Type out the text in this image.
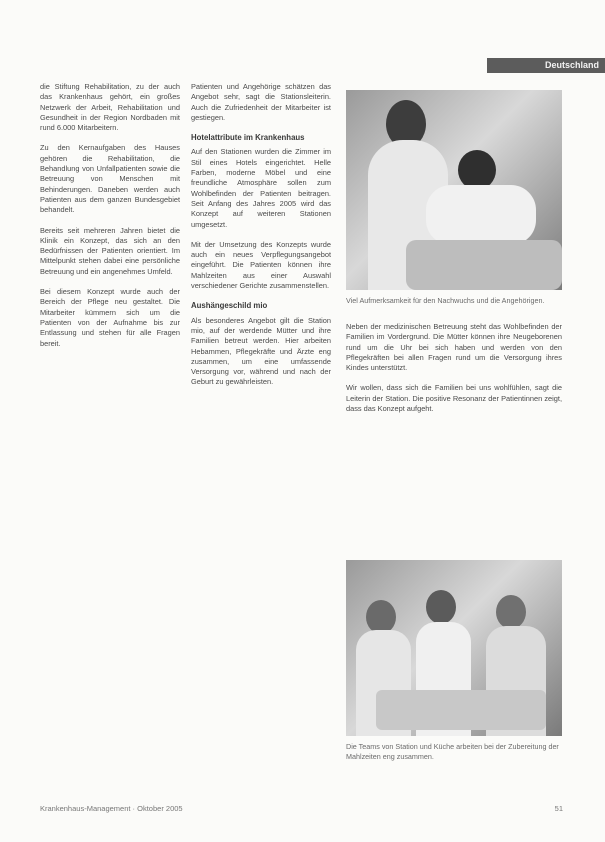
Deutschland

die Stiftung Rehabilitation, zu der auch das Krankenhaus gehört, ein großes Netzwerk der Arbeit, Rehabilitation und Gesundheit in der Region Nordbaden mit rund 6.000 Mitarbeitern.

Zu den Kernaufgaben des Hauses gehören die Rehabilitation, die Behandlung von Unfallpatienten sowie die Betreuung von Menschen mit Behinderungen. Daneben werden auch Patienten aus dem ganzen Bundesgebiet behandelt.

Bereits seit mehreren Jahren bietet die Klinik ein Konzept, das sich an den Bedürfnissen der Patienten orientiert. Im Mittelpunkt stehen dabei eine persönliche Betreuung und ein angenehmes Umfeld.

Bei diesem Konzept wurde auch der Bereich der Pflege neu gestaltet. Die Mitarbeiter kümmern sich um die Patienten von der Aufnahme bis zur Entlassung und stehen für alle Fragen bereit.

Patienten und Angehörige schätzen das Angebot sehr, sagt die Stationsleiterin. Auch die Zufriedenheit der Mitarbeiter ist gestiegen.

Hotelattribute im Krankenhaus

Auf den Stationen wurden die Zimmer im Stil eines Hotels eingerichtet. Helle Farben, moderne Möbel und eine freundliche Atmosphäre sollen zum Wohlbefinden der Patienten beitragen. Seit Anfang des Jahres 2005 wird das Konzept auf weiteren Stationen umgesetzt.

Mit der Umsetzung des Konzepts wurde auch ein neues Verpflegungsangebot eingeführt. Die Patienten können ihre Mahlzeiten aus einer Auswahl verschiedener Gerichte zusammenstellen.

Aushängeschild mio

Als besonderes Angebot gilt die Station mio, auf der werdende Mütter und ihre Familien betreut werden. Hier arbeiten Hebammen, Pflegekräfte und Ärzte eng zusammen, um eine umfassende Versorgung vor, während und nach der Geburt zu gewährleisten.

Viel Aufmerksamkeit für den Nachwuchs und die Angehörigen.

Neben der medizinischen Betreuung steht das Wohlbefinden der Familien im Vordergrund. Die Mütter können ihre Neugeborenen rund um die Uhr bei sich haben und werden von den Pflegekräften bei allen Fragen rund um die Versorgung ihres Kindes unterstützt.

Wir wollen, dass sich die Familien bei uns wohlfühlen, sagt die Leiterin der Station. Die positive Resonanz der Patientinnen zeigt, dass das Konzept aufgeht.

Die Teams von Station und Küche arbeiten bei der Zubereitung der Mahlzeiten eng zusammen.
Krankenhaus-Management · Oktober 2005	51
